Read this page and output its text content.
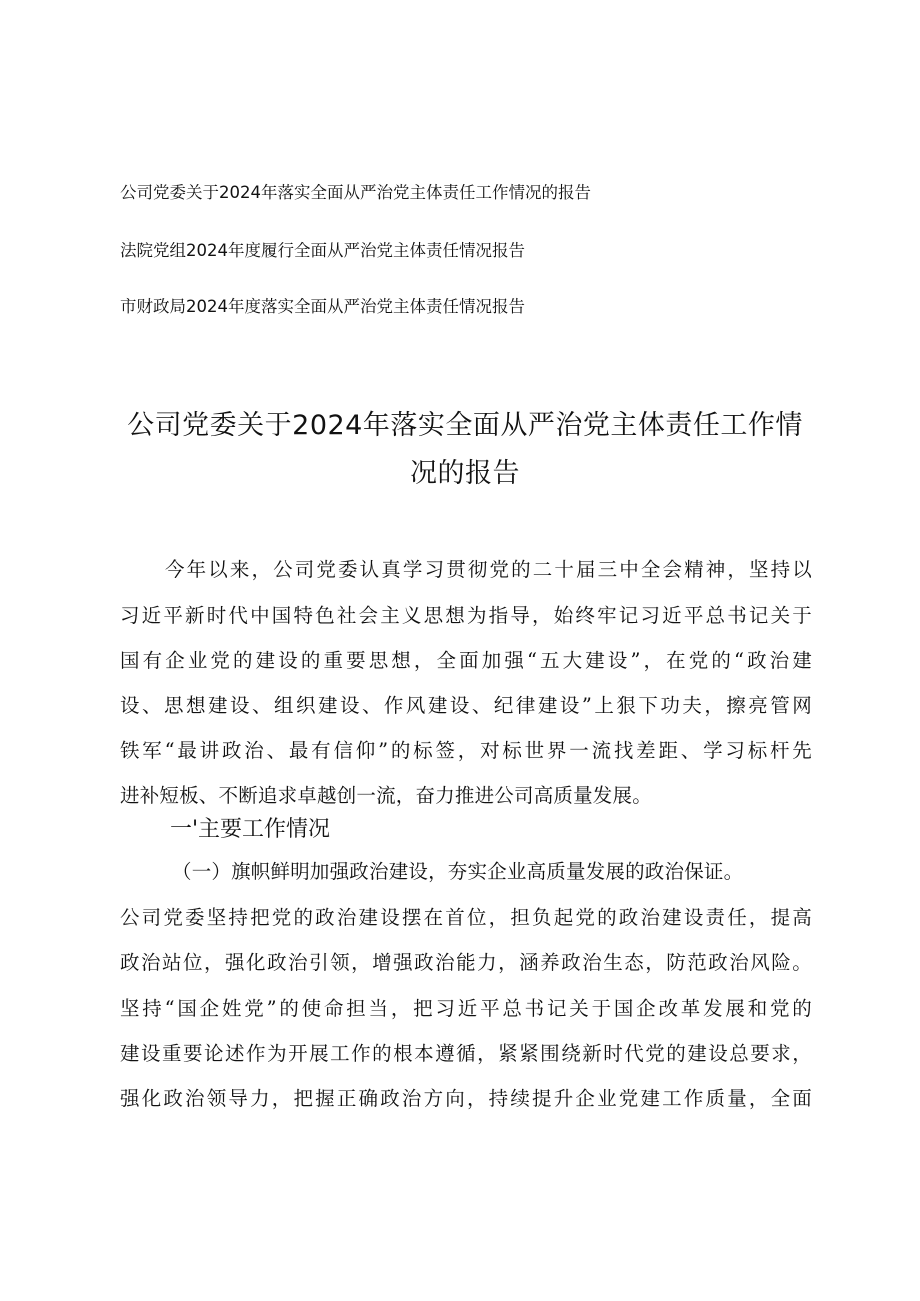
公司党委关于2024年落实全面从严治党主体责任工作情况的报告
法院党组2024年度履行全面从严治党主体责任情况报告
市财政局2024年度落实全面从严治党主体责任情况报告
公司党委关于2024年落实全面从严治党主体责任工作情
况的报告
今年以来，公司党委认真学习贯彻党的二十届三中全会精神，坚持以
习近平新时代中国特色社会主义思想为指导，始终牢记习近平总书记关于
国有企业党的建设的重要思想，全面加强“五大建设”，在党的“政治建
设、思想建设、组织建设、作风建设、纪律建设”上狠下功夫，擦亮管网
铁军“最讲政治、最有信仰”的标签，对标世界一流找差距、学习标杆先
进补短板、不断追求卓越创一流，奋力推进公司高质量发展。
一'主要工作情况
（一）旗帜鲜明加强政治建设，夯实企业高质量发展的政治保证。
公司党委坚持把党的政治建设摆在首位，担负起党的政治建设责任，提高
政治站位，强化政治引领，增强政治能力，涵养政治生态，防范政治风险。
坚持“国企姓党”的使命担当，把习近平总书记关于国企改革发展和党的
建设重要论述作为开展工作的根本遵循，紧紧围绕新时代党的建设总要求，
强化政治领导力，把握正确政治方向，持续提升企业党建工作质量，全面
